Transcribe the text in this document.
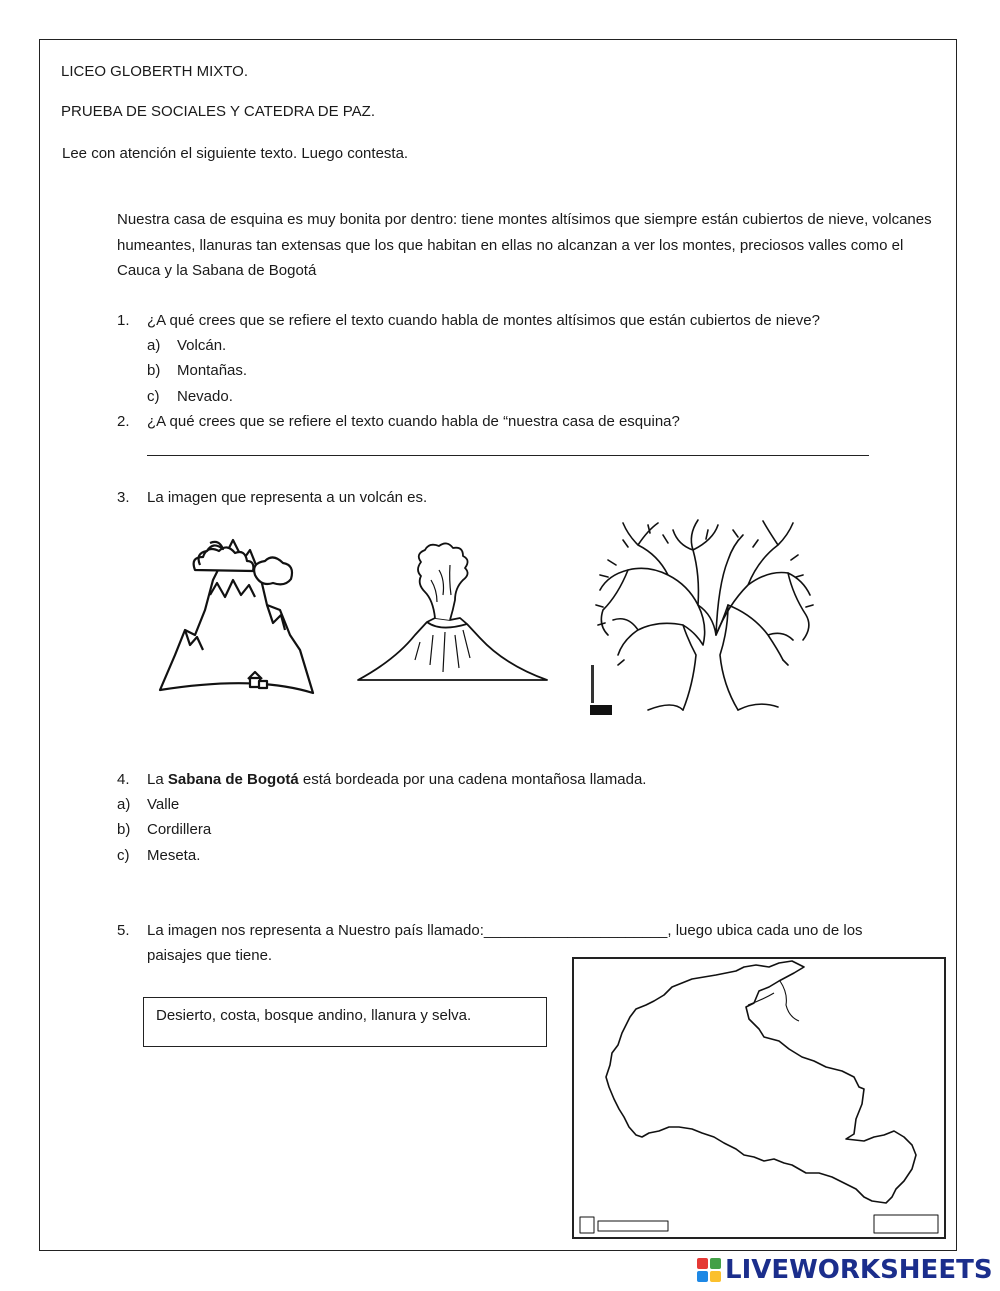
LICEO GLOBERTH MIXTO.
PRUEBA DE SOCIALES Y CATEDRA DE PAZ.
Lee con atención el siguiente texto. Luego contesta.
Nuestra casa de esquina es muy bonita por dentro: tiene montes altísimos que siempre están cubiertos de nieve, volcanes humeantes, llanuras tan extensas que los que habitan en ellas no alcanzan a ver los montes, preciosos valles como el Cauca y la Sabana de Bogotá
1. ¿A qué crees que se refiere el texto cuando habla de montes altísimos que están cubiertos de nieve?
a) Volcán.
b) Montañas.
c) Nevado.
2. ¿A qué crees que se refiere el texto cuando habla de “nuestra casa de esquina?
3. La imagen que representa a un volcán es.
4. La Sabana de Bogotá está bordeada por una cadena montañosa llamada.
a) Valle
b) Cordillera
c) Meseta.
5. La imagen nos representa a Nuestro país llamado:______________________, luego ubica cada uno de los
paisajes que tiene.
Desierto, costa, bosque andino, llanura y selva.
LIVEWORKSHEETS
